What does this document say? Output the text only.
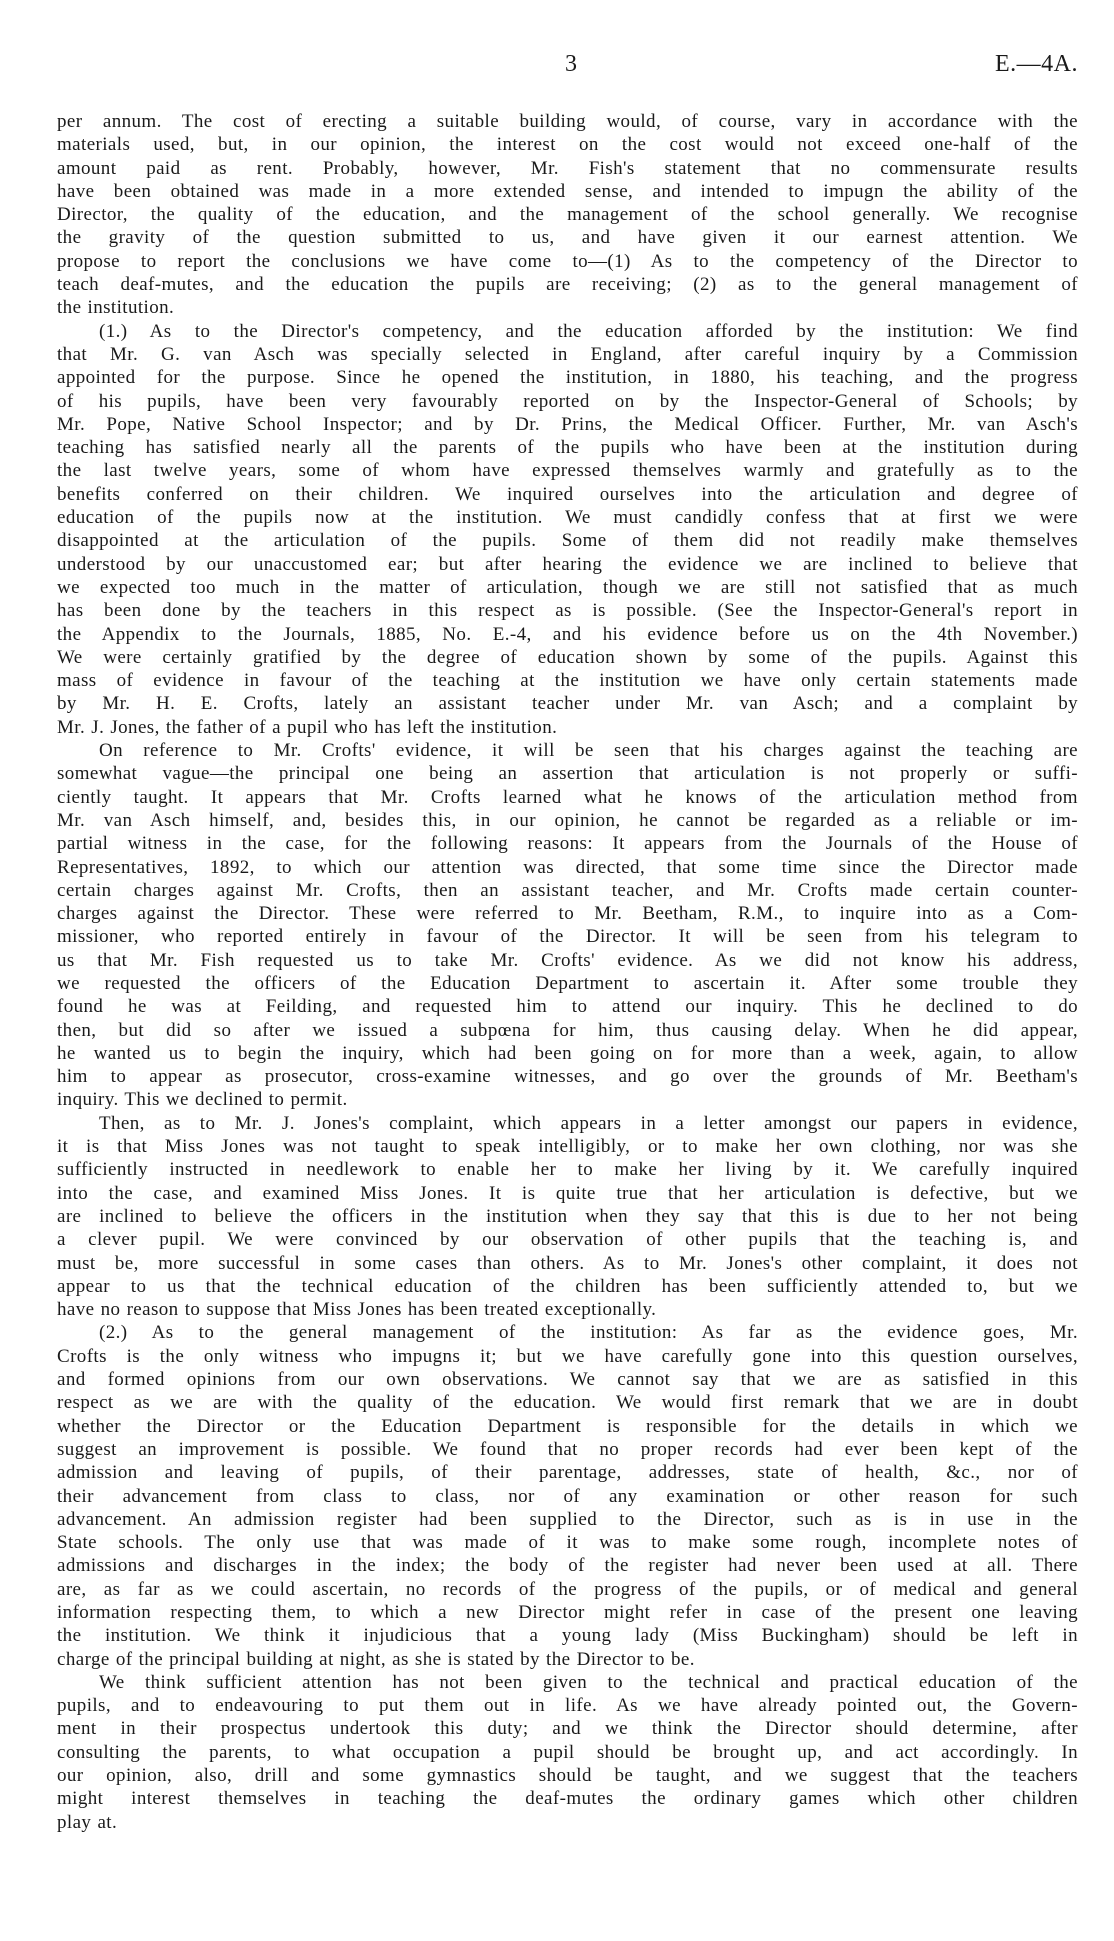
3	E.—4A.
per annum. The cost of erecting a suitable building would, of course, vary in accordance with the
materials used, but, in our opinion, the interest on the cost would not exceed one-half of the
amount paid as rent. Probably, however, Mr. Fish's statement that no commensurate results
have been obtained was made in a more extended sense, and intended to impugn the ability of the
Director, the quality of the education, and the management of the school generally. We recognise
the gravity of the question submitted to us, and have given it our earnest attention. We
propose to report the conclusions we have come to—(1) As to the competency of the Director to
teach deaf-mutes, and the education the pupils are receiving; (2) as to the general management of
the institution.
(1.) As to the Director's competency, and the education afforded by the institution: We find
that Mr. G. van Asch was specially selected in England, after careful inquiry by a Commission
appointed for the purpose. Since he opened the institution, in 1880, his teaching, and the progress
of his pupils, have been very favourably reported on by the Inspector-General of Schools; by
Mr. Pope, Native School Inspector; and by Dr. Prins, the Medical Officer. Further, Mr. van Asch's
teaching has satisfied nearly all the parents of the pupils who have been at the institution during
the last twelve years, some of whom have expressed themselves warmly and gratefully as to the
benefits conferred on their children. We inquired ourselves into the articulation and degree of
education of the pupils now at the institution. We must candidly confess that at first we were
disappointed at the articulation of the pupils. Some of them did not readily make themselves
understood by our unaccustomed ear; but after hearing the evidence we are inclined to believe that
we expected too much in the matter of articulation, though we are still not satisfied that as much
has been done by the teachers in this respect as is possible. (See the Inspector-General's report in
the Appendix to the Journals, 1885, No. E.-4, and his evidence before us on the 4th November.)
We were certainly gratified by the degree of education shown by some of the pupils. Against this
mass of evidence in favour of the teaching at the institution we have only certain statements made
by Mr. H. E. Crofts, lately an assistant teacher under Mr. van Asch; and a complaint by
Mr. J. Jones, the father of a pupil who has left the institution.
On reference to Mr. Crofts' evidence, it will be seen that his charges against the teaching are
somewhat vague—the principal one being an assertion that articulation is not properly or suffi-
ciently taught. It appears that Mr. Crofts learned what he knows of the articulation method from
Mr. van Asch himself, and, besides this, in our opinion, he cannot be regarded as a reliable or im-
partial witness in the case, for the following reasons: It appears from the Journals of the House of
Representatives, 1892, to which our attention was directed, that some time since the Director made
certain charges against Mr. Crofts, then an assistant teacher, and Mr. Crofts made certain counter-
charges against the Director. These were referred to Mr. Beetham, R.M., to inquire into as a Com-
missioner, who reported entirely in favour of the Director. It will be seen from his telegram to
us that Mr. Fish requested us to take Mr. Crofts' evidence. As we did not know his address,
we requested the officers of the Education Department to ascertain it. After some trouble they
found he was at Feilding, and requested him to attend our inquiry. This he declined to do
then, but did so after we issued a subpœna for him, thus causing delay. When he did appear,
he wanted us to begin the inquiry, which had been going on for more than a week, again, to allow
him to appear as prosecutor, cross-examine witnesses, and go over the grounds of Mr. Beetham's
inquiry. This we declined to permit.
Then, as to Mr. J. Jones's complaint, which appears in a letter amongst our papers in evidence,
it is that Miss Jones was not taught to speak intelligibly, or to make her own clothing, nor was she
sufficiently instructed in needlework to enable her to make her living by it. We carefully inquired
into the case, and examined Miss Jones. It is quite true that her articulation is defective, but we
are inclined to believe the officers in the institution when they say that this is due to her not being
a clever pupil. We were convinced by our observation of other pupils that the teaching is, and
must be, more successful in some cases than others. As to Mr. Jones's other complaint, it does not
appear to us that the technical education of the children has been sufficiently attended to, but we
have no reason to suppose that Miss Jones has been treated exceptionally.
(2.) As to the general management of the institution: As far as the evidence goes, Mr.
Crofts is the only witness who impugns it; but we have carefully gone into this question ourselves,
and formed opinions from our own observations. We cannot say that we are as satisfied in this
respect as we are with the quality of the education. We would first remark that we are in doubt
whether the Director or the Education Department is responsible for the details in which we
suggest an improvement is possible. We found that no proper records had ever been kept of the
admission and leaving of pupils, of their parentage, addresses, state of health, &c., nor of
their advancement from class to class, nor of any examination or other reason for such
advancement. An admission register had been supplied to the Director, such as is in use in the
State schools. The only use that was made of it was to make some rough, incomplete notes of
admissions and discharges in the index; the body of the register had never been used at all. There
are, as far as we could ascertain, no records of the progress of the pupils, or of medical and general
information respecting them, to which a new Director might refer in case of the present one leaving
the institution. We think it injudicious that a young lady (Miss Buckingham) should be left in
charge of the principal building at night, as she is stated by the Director to be.
We think sufficient attention has not been given to the technical and practical education of the
pupils, and to endeavouring to put them out in life. As we have already pointed out, the Govern-
ment in their prospectus undertook this duty; and we think the Director should determine, after
consulting the parents, to what occupation a pupil should be brought up, and act accordingly. In
our opinion, also, drill and some gymnastics should be taught, and we suggest that the teachers
might interest themselves in teaching the deaf-mutes the ordinary games which other children
play at.
